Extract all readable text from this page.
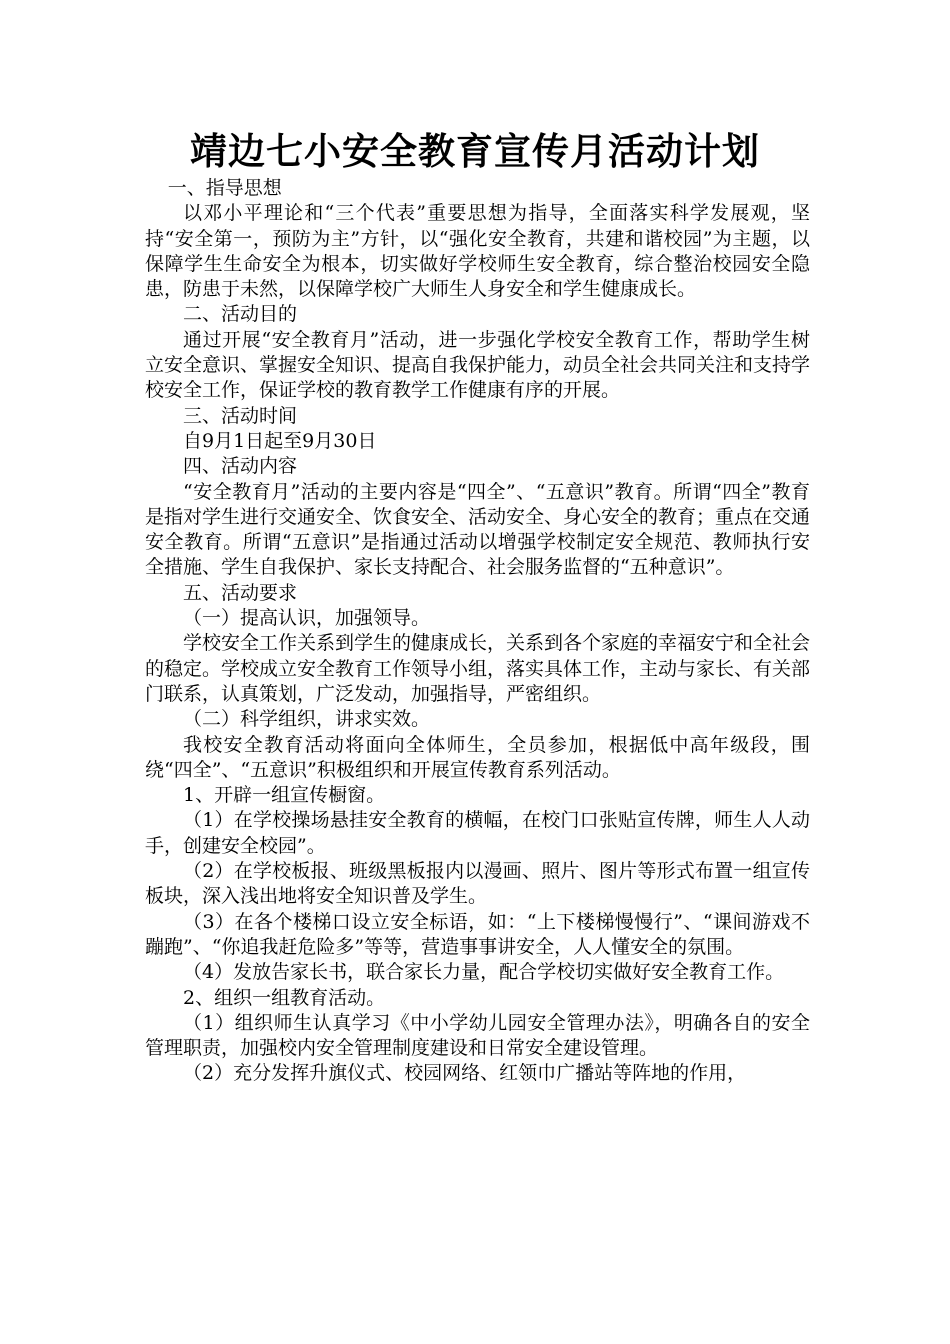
靖边七小安全教育宣传月活动计划

一、指导思想

以邓小平理论和“三个代表”重要思想为指导，全面落实科学发展观，坚持“安全第一，预防为主”方针，以“强化安全教育，共建和谐校园”为主题，以保障学生生命安全为根本，切实做好学校师生安全教育，综合整治校园安全隐患，防患于未然，以保障学校广大师生人身安全和学生健康成长。

二、活动目的

通过开展“安全教育月”活动，进一步强化学校安全教育工作，帮助学生树立安全意识、掌握安全知识、提高自我保护能力，动员全社会共同关注和支持学校安全工作，保证学校的教育教学工作健康有序的开展。

三、活动时间

自9月1日起至9月30日

四、活动内容

“安全教育月”活动的主要内容是“四全”、“五意识”教育。所谓“四全”教育是指对学生进行交通安全、饮食安全、活动安全、身心安全的教育；重点在交通安全教育。所谓“五意识”是指通过活动以增强学校制定安全规范、教师执行安全措施、学生自我保护、家长支持配合、社会服务监督的“五种意识”。

五、活动要求

（一）提高认识，加强领导。

学校安全工作关系到学生的健康成长，关系到各个家庭的幸福安宁和全社会的稳定。学校成立安全教育工作领导小组，落实具体工作，主动与家长、有关部门联系，认真策划，广泛发动，加强指导，严密组织。

（二）科学组织，讲求实效。

我校安全教育活动将面向全体师生，全员参加，根据低中高年级段，围绕“四全”、“五意识”积极组织和开展宣传教育系列活动。

1、开辟一组宣传橱窗。

（1）在学校操场悬挂安全教育的横幅，在校门口张贴宣传牌，师生人人动手，创建安全校园”。

（2）在学校板报、班级黑板报内以漫画、照片、图片等形式布置一组宣传板块，深入浅出地将安全知识普及学生。

（3）在各个楼梯口设立安全标语，如：“上下楼梯慢慢行”、“课间游戏不蹦跑”、“你追我赶危险多”等等，营造事事讲安全，人人懂安全的氛围。

（4）发放告家长书，联合家长力量，配合学校切实做好安全教育工作。

2、组织一组教育活动。

（1）组织师生认真学习《中小学幼儿园安全管理办法》，明确各自的安全管理职责，加强校内安全管理制度建设和日常安全建设管理。

（2）充分发挥升旗仪式、校园网络、红领巾广播站等阵地的作用，
